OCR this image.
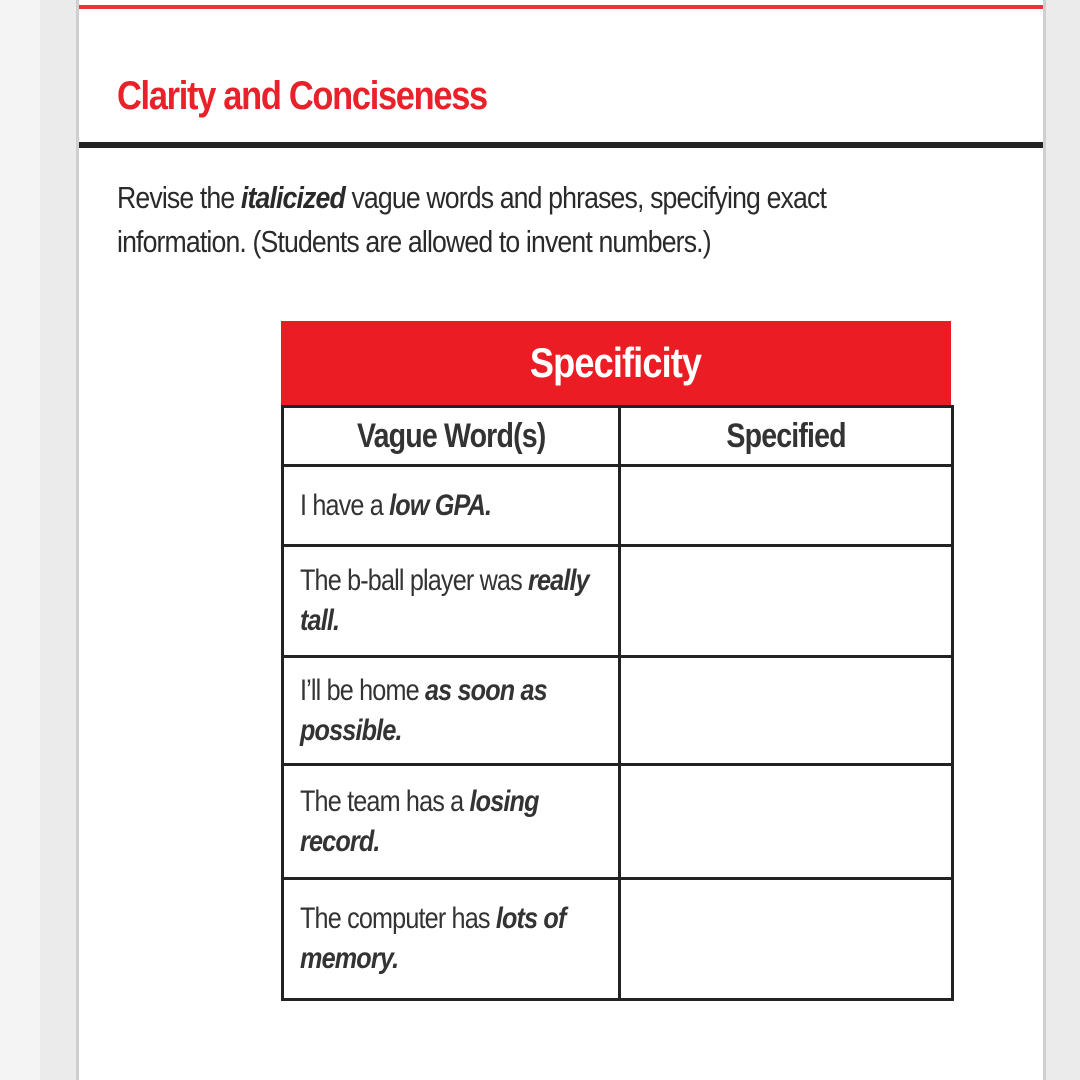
Clarity and Conciseness

Revise the italicized vague words and phrases, specifying exact information. (Students are allowed to invent numbers.)

Specificity
Vague Word(s)	Specified
I have a low GPA.	
The b-ball player was really tall.	
I’ll be home as soon as possible.	
The team has a losing record.	
The computer has lots of memory.	
